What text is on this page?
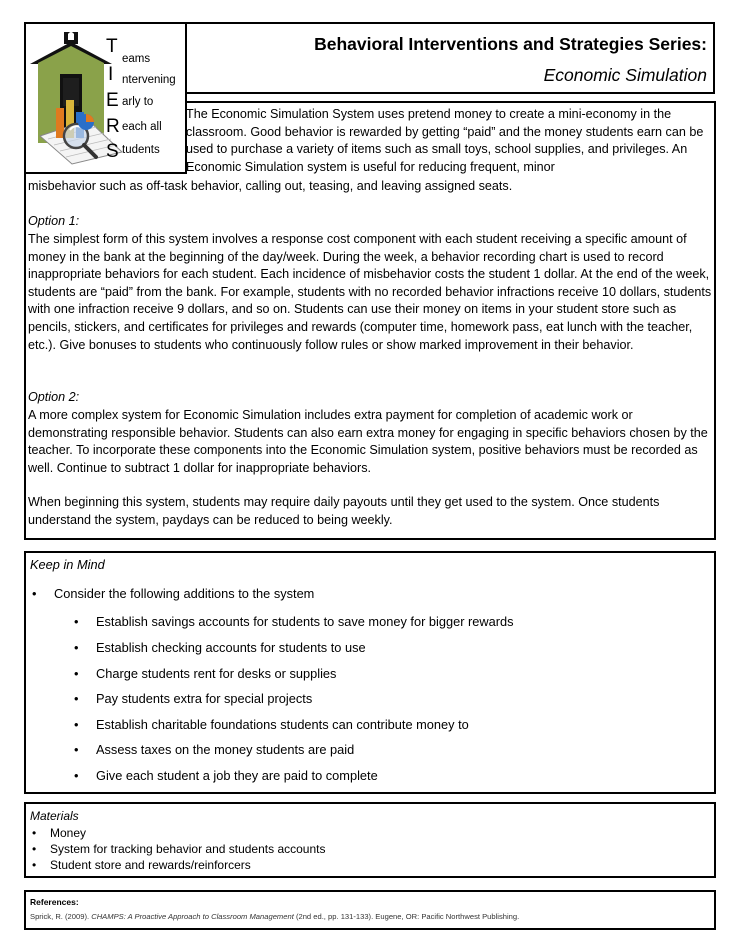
T
I
E
R
S
eams
ntervening
arly to
each all
tudents
Behavioral Interventions and Strategies Series:
Economic Simulation
The Economic Simulation System uses pretend money to create a mini-economy in the classroom. Good behavior is rewarded by getting “paid” and the money students earn can be used to purchase a variety of items such as small toys, school supplies, and privileges. An Economic Simulation system is useful for reducing frequent, minor
misbehavior such as off-task behavior, calling out, teasing, and leaving assigned seats.
Option 1:
The simplest form of this system involves a response cost component with each student receiving a specific amount of money in the bank at the beginning of the day/week. During the week, a behavior recording chart is used to record inappropriate behaviors for each student. Each incidence of misbehavior costs the student 1 dollar. At the end of the week, students are “paid” from the bank. For example, students with no recorded behavior infractions receive 10 dollars, students with one infraction receive 9 dollars, and so on. Students can use their money on items in your student store such as pencils, stickers, and certificates for privileges and rewards (computer time, homework pass, eat lunch with the teacher, etc.). Give bonuses to students who continuously follow rules or show marked improvement in their behavior.
Option 2:
A more complex system for Economic Simulation includes extra payment for completion of academic work or demonstrating responsible behavior. Students can also earn extra money for engaging in specific behaviors chosen by the teacher. To incorporate these components into the Economic Simulation system, positive behaviors must be recorded as well. Continue to subtract 1 dollar for inappropriate behaviors.
When beginning this system, students may require daily payouts until they get used to the system. Once students understand the system, paydays can be reduced to being weekly.
Keep in Mind
• Consider the following additions to the system
• Establish savings accounts for students to save money for bigger rewards
• Establish checking accounts for students to use
• Charge students rent for desks or supplies
• Pay students extra for special projects
• Establish charitable foundations students can contribute money to
• Assess taxes on the money students are paid
• Give each student a job they are paid to complete
Materials
• Money
• System for tracking behavior and students accounts
• Student store and rewards/reinforcers
References:
Sprick, R. (2009). CHAMPS: A Proactive Approach to Classroom Management (2nd ed., pp. 131-133). Eugene, OR: Pacific Northwest Publishing.
